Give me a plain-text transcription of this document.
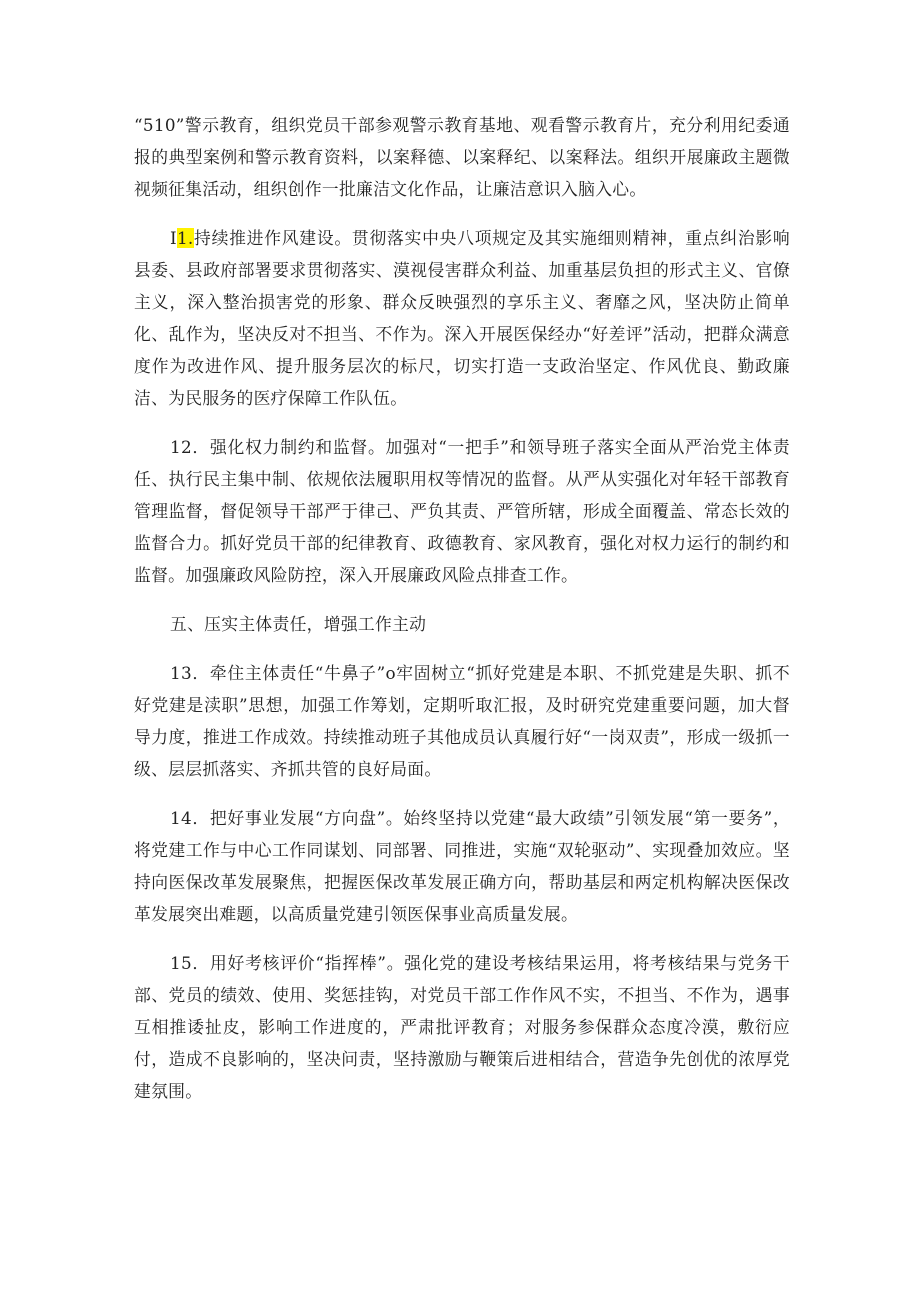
“510”警示教育，组织党员干部参观警示教育基地、观看警示教育片，充分利用纪委通报的典型案例和警示教育资料，以案释德、以案释纪、以案释法。组织开展廉政主题微视频征集活动，组织创作一批廉洁文化作品，让廉洁意识入脑入心。

I1.持续推进作风建设。贯彻落实中央八项规定及其实施细则精神，重点纠治影响县委、县政府部署要求贯彻落实、漠视侵害群众利益、加重基层负担的形式主义、官僚主义，深入整治损害党的形象、群众反映强烈的享乐主义、奢靡之风，坚决防止简单化、乱作为，坚决反对不担当、不作为。深入开展医保经办“好差评”活动，把群众满意度作为改进作风、提升服务层次的标尺，切实打造一支政治坚定、作风优良、勤政廉洁、为民服务的医疗保障工作队伍。

12．强化权力制约和监督。加强对“一把手”和领导班子落实全面从严治党主体责任、执行民主集中制、依规依法履职用权等情况的监督。从严从实强化对年轻干部教育管理监督，督促领导干部严于律己、严负其责、严管所辖，形成全面覆盖、常态长效的监督合力。抓好党员干部的纪律教育、政德教育、家风教育，强化对权力运行的制约和监督。加强廉政风险防控，深入开展廉政风险点排查工作。

五、压实主体责任，增强工作主动

13．牵住主体责任“牛鼻子”o牢固树立“抓好党建是本职、不抓党建是失职、抓不好党建是渎职”思想，加强工作筹划，定期听取汇报，及时研究党建重要问题，加大督导力度，推进工作成效。持续推动班子其他成员认真履行好“一岗双责”，形成一级抓一级、层层抓落实、齐抓共管的良好局面。

14．把好事业发展“方向盘”。始终坚持以党建“最大政绩”引领发展“第一要务”，将党建工作与中心工作同谋划、同部署、同推进，实施“双轮驱动”、实现叠加效应。坚持向医保改革发展聚焦，把握医保改革发展正确方向，帮助基层和两定机构解决医保改革发展突出难题，以高质量党建引领医保事业高质量发展。

15．用好考核评价“指挥棒”。强化党的建设考核结果运用，将考核结果与党务干部、党员的绩效、使用、奖惩挂钩，对党员干部工作作风不实，不担当、不作为，遇事互相推诿扯皮，影响工作进度的，严肃批评教育；对服务参保群众态度冷漠，敷衍应付，造成不良影响的，坚决问责，坚持激励与鞭策后进相结合，营造争先创优的浓厚党建氛围。
